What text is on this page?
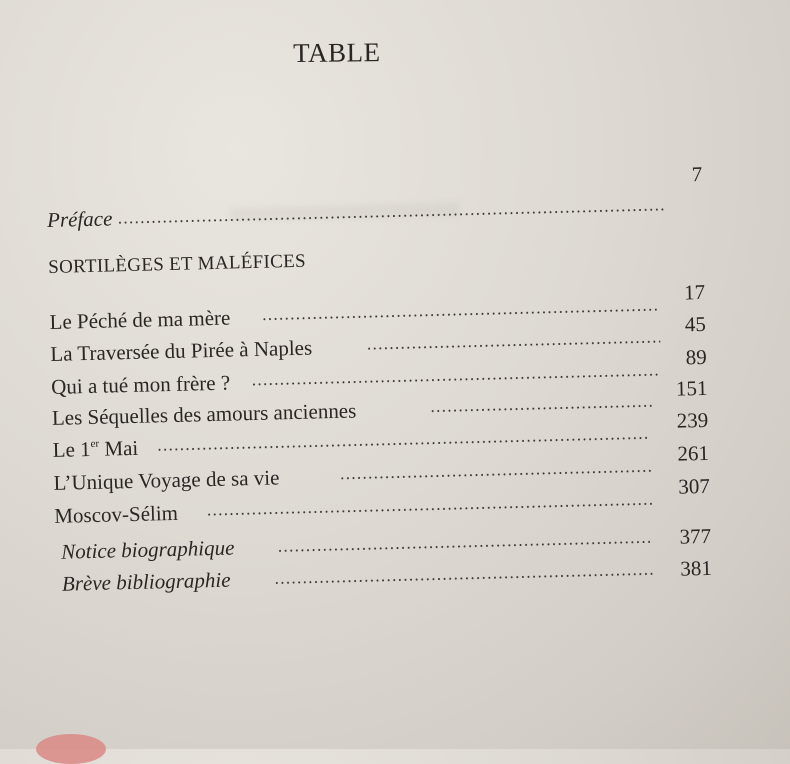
TABLE
Préface
7
SORTILÈGES ET MALÉFICES
Le Péché de ma mère
17
La Traversée du Pirée à Naples
45
Qui a tué mon frère ?
89
Les Séquelles des amours anciennes
151
Le 1er Mai
239
L’Unique Voyage de sa vie
261
Moscov-Sélim
307
Notice biographique	377
Brève bibliographie	381
